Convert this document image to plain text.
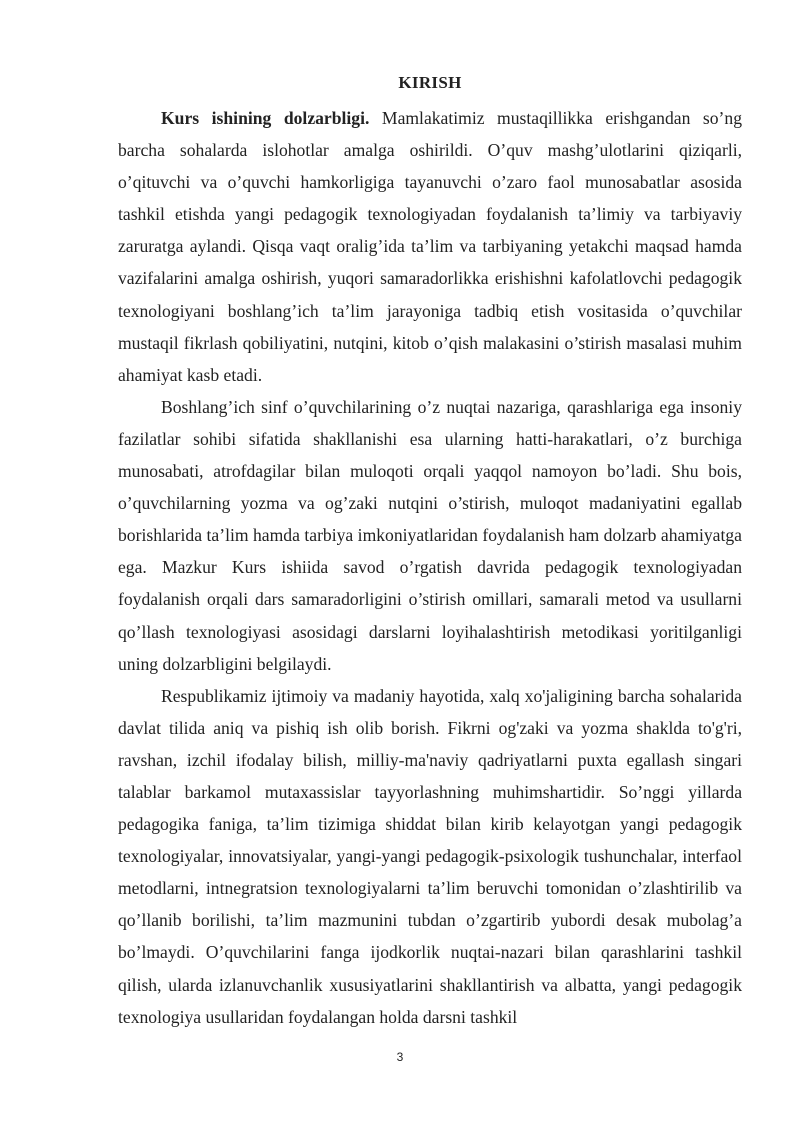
KIRISH

Kurs ishining dolzarbligi. Mamlakatimiz mustaqillikka erishgandan so’ng barcha sohalarda islohotlar amalga oshirildi. O’quv mashg’ulotlarini qiziqarli, o’qituvchi va o’quvchi hamkorligiga tayanuvchi o’zaro faol munosabatlar asosida tashkil etishda yangi pedagogik texnologiyadan foydalanish ta’limiy va tarbiyaviy zaruratga aylandi. Qisqa vaqt oralig’ida ta’lim va tarbiyaning yetakchi maqsad hamda vazifalarini amalga oshirish, yuqori samaradorlikka erishishni kafolatlovchi pedagogik texnologiyani boshlang’ich ta’lim jarayoniga tadbiq etish vositasida o’quvchilar mustaqil fikrlash qobiliyatini, nutqini, kitob o’qish malakasini o’stirish masalasi muhim ahamiyat kasb etadi.

Boshlang’ich sinf o’quvchilarining o’z nuqtai nazariga, qarashlariga ega insoniy fazilatlar sohibi sifatida shakllanishi esa ularning hatti-harakatlari, o’z burchiga munosabati, atrofdagilar bilan muloqoti orqali yaqqol namoyon bo’ladi. Shu bois, o’quvchilarning yozma va og’zaki nutqini o’stirish, muloqot madaniyatini egallab borishlarida ta’lim hamda tarbiya imkoniyatlaridan foydalanish ham dolzarb ahamiyatga ega. Mazkur Kurs ishiida savod o’rgatish davrida pedagogik texnologiyadan foydalanish orqali dars samaradorligini o’stirish omillari, samarali metod va usullarni qo’llash texnologiyasi asosidagi darslarni loyihalashtirish metodikasi yoritilganligi uning dolzarbligini belgilaydi.

Respublikamiz ijtimoiy va madaniy hayotida, xalq xo'jaligining barcha sohalarida davlat tilida aniq va pishiq ish olib borish. Fikrni og'zaki va yozma shaklda to'g'ri, ravshan, izchil ifodalay bilish, milliy-ma'naviy qadriyatlarni puxta egallash singari talablar barkamol mutaxassislar tayyorlashning muhimshartidir. So’nggi yillarda pedagogika faniga, ta’lim tizimiga shiddat bilan kirib kelayotgan yangi pedagogik texnologiyalar, innovatsiyalar, yangi-yangi pedagogik-psixologik tushunchalar, interfaol metodlarni, intnegratsion texnologiyalarni ta’lim beruvchi tomonidan o’zlashtirilib va qo’llanib borilishi, ta’lim mazmunini tubdan o’zgartirib yubordi desak mubolag’a bo’lmaydi. O’quvchilarini fanga ijodkorlik nuqtai-nazari bilan qarashlarini tashkil qilish, ularda izlanuvchanlik xususiyatlarini shakllantirish va albatta, yangi pedagogik texnologiya usullaridan foydalangan holda darsni tashkil

3
